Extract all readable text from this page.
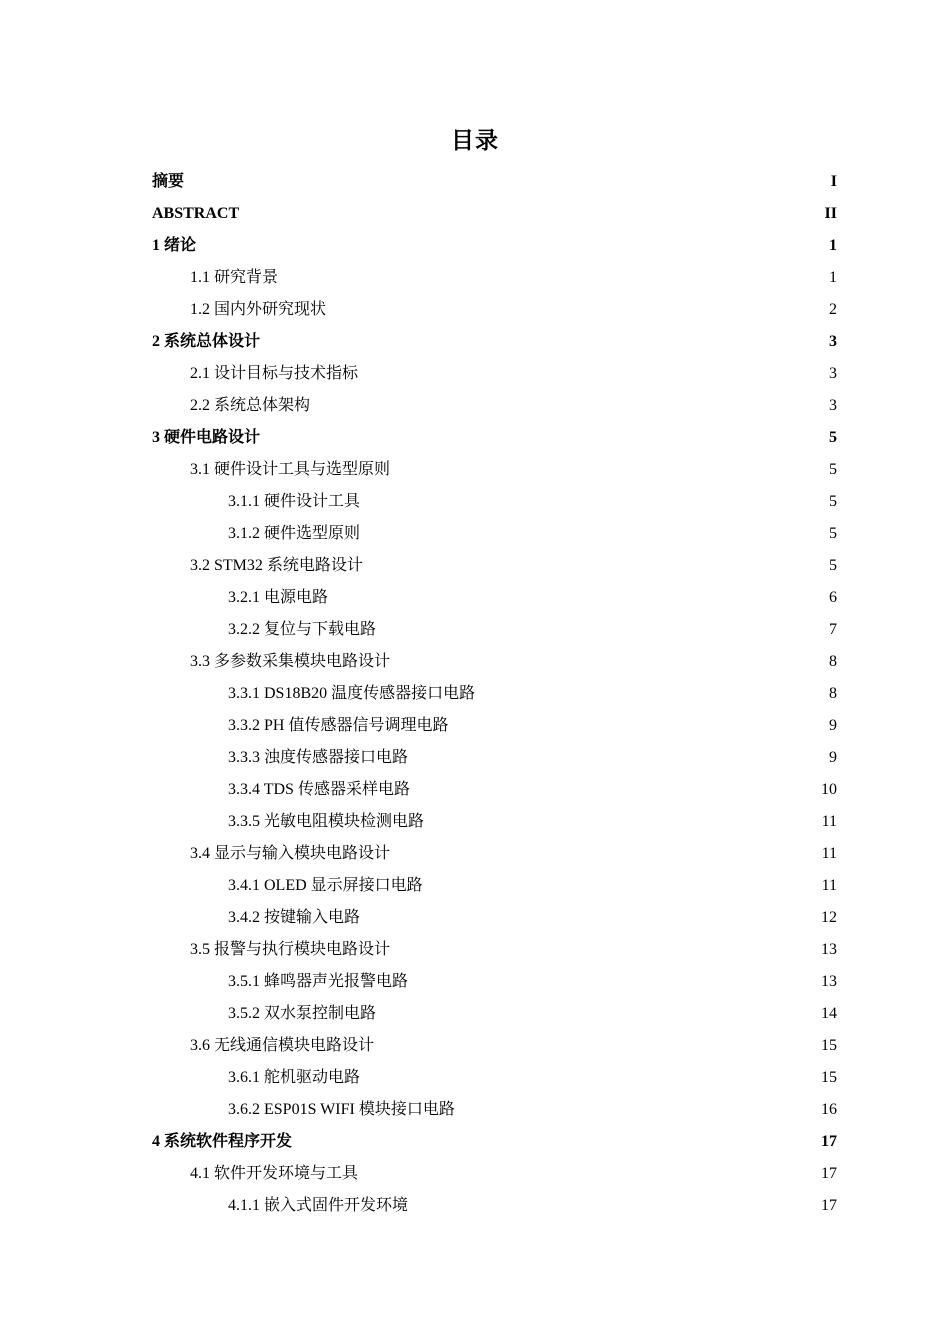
目录
摘要	I
ABSTRACT	II
1 绪论	1
1.1 研究背景	1
1.2 国内外研究现状	2
2 系统总体设计	3
2.1 设计目标与技术指标	3
2.2 系统总体架构	3
3 硬件电路设计	5
3.1 硬件设计工具与选型原则	5
3.1.1 硬件设计工具	5
3.1.2 硬件选型原则	5
3.2 STM32 系统电路设计	5
3.2.1 电源电路	6
3.2.2 复位与下载电路	7
3.3 多参数采集模块电路设计	8
3.3.1 DS18B20 温度传感器接口电路	8
3.3.2 PH 值传感器信号调理电路	9
3.3.3 浊度传感器接口电路	9
3.3.4 TDS 传感器采样电路	10
3.3.5 光敏电阻模块检测电路	11
3.4 显示与输入模块电路设计	11
3.4.1 OLED 显示屏接口电路	11
3.4.2 按键输入电路	12
3.5 报警与执行模块电路设计	13
3.5.1 蜂鸣器声光报警电路	13
3.5.2 双水泵控制电路	14
3.6 无线通信模块电路设计	15
3.6.1 舵机驱动电路	15
3.6.2 ESP01S WIFI 模块接口电路	16
4 系统软件程序开发	17
4.1 软件开发环境与工具	17
4.1.1 嵌入式固件开发环境	17
